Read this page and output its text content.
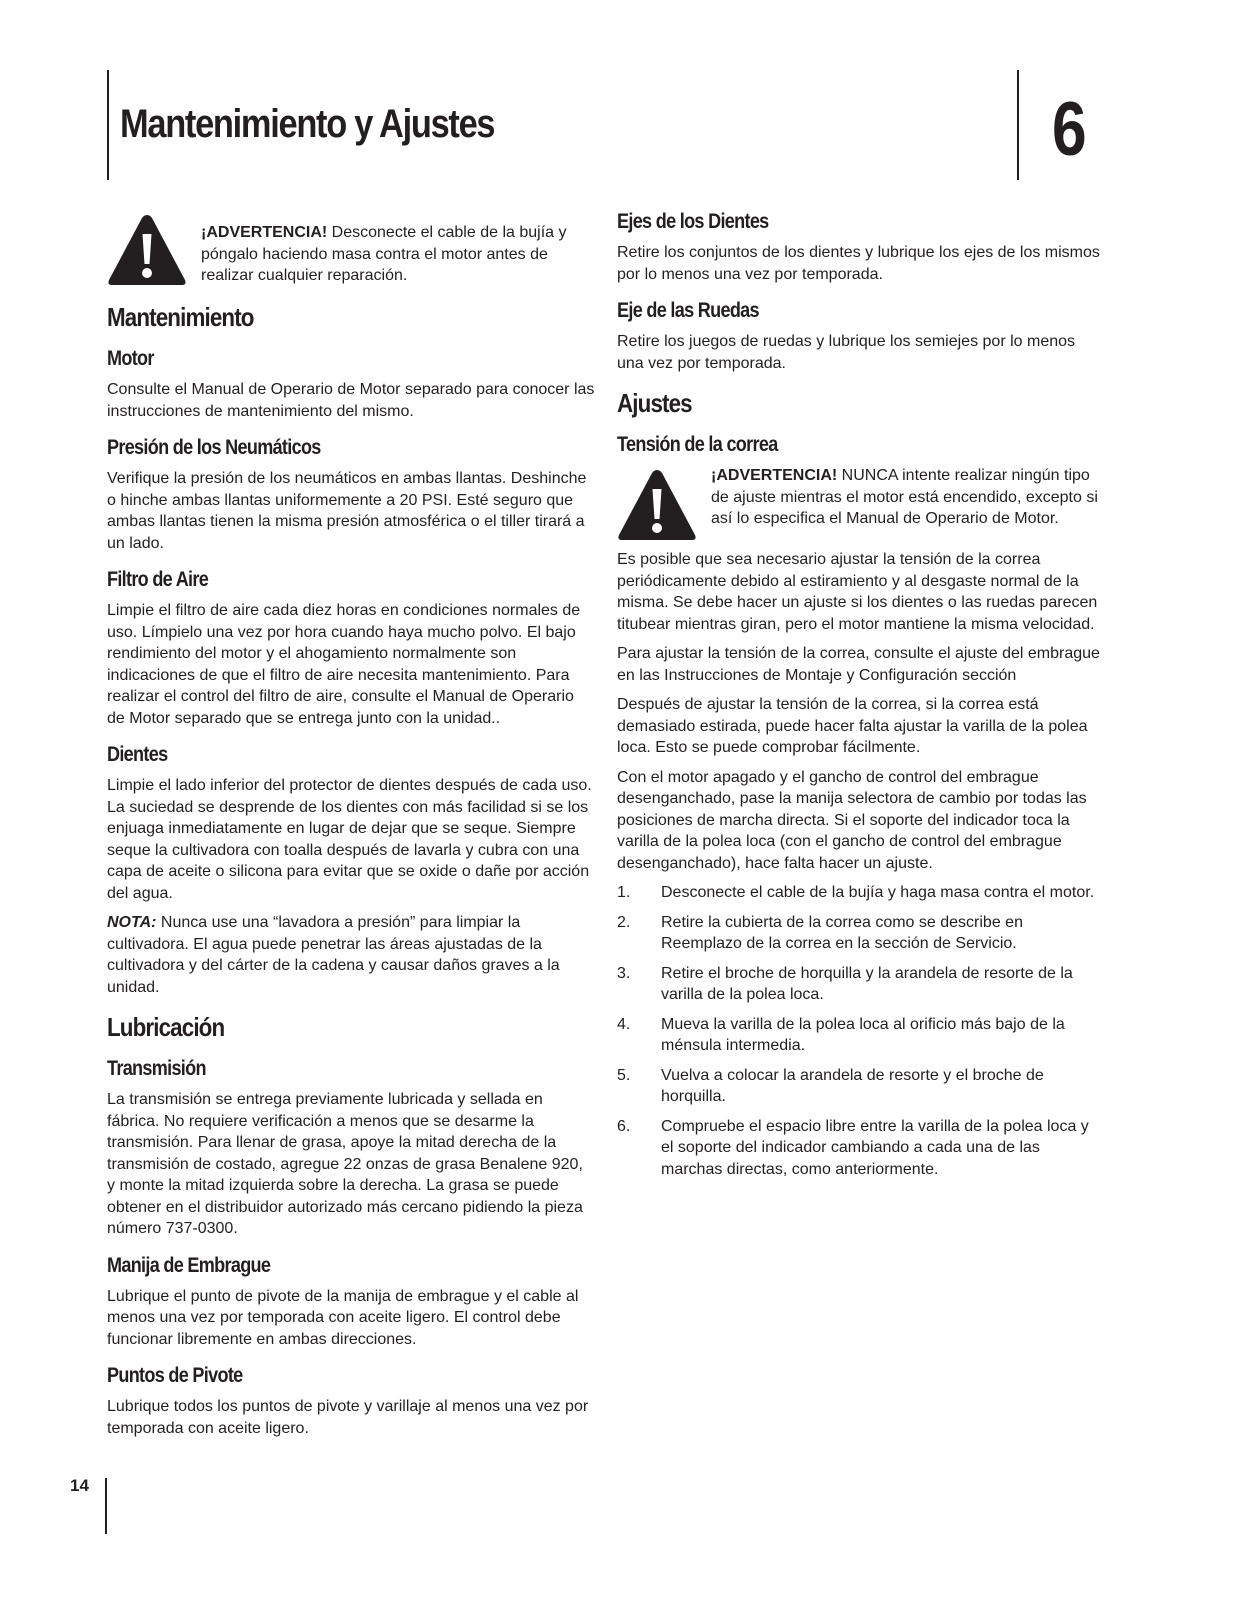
Mantenimiento y Ajustes	6

¡ADVERTENCIA! Desconecte el cable de la bujía y póngalo haciendo masa contra el motor antes de realizar cualquier reparación.

Mantenimiento
Motor

Consulte el Manual de Operario de Motor separado para conocer las instrucciones de mantenimiento del mismo.

Presión de los Neumáticos

Verifique la presión de los neumáticos en ambas llantas. Deshinche o hinche ambas llantas uniformemente a 20 PSI. Esté seguro que ambas llantas tienen la misma presión atmosférica o el tiller tirará a un lado.

Filtro de Aire

Limpie el filtro de aire cada diez horas en condiciones normales de uso. Límpielo una vez por hora cuando haya mucho polvo. El bajo rendimiento del motor y el ahogamiento normalmente son indicaciones de que el filtro de aire necesita mantenimiento. Para realizar el control del filtro de aire, consulte el Manual de Operario de Motor separado que se entrega junto con la unidad..

Dientes

Limpie el lado inferior del protector de dientes después de cada uso. La suciedad se desprende de los dientes con más facilidad si se los enjuaga inmediatamente en lugar de dejar que se seque. Siempre seque la cultivadora con toalla después de lavarla y cubra con una capa de aceite o silicona para evitar que se oxide o dañe por acción del agua.

NOTA: Nunca use una “lavadora a presión” para limpiar la cultivadora. El agua puede penetrar las áreas ajustadas de la cultivadora y del cárter de la cadena y causar daños graves a la unidad.

Lubricación
Transmisión

La transmisión se entrega previamente lubricada y sellada en fábrica. No requiere verificación a menos que se desarme la transmisión. Para llenar de grasa, apoye la mitad derecha de la transmisión de costado, agregue 22 onzas de grasa Benalene 920, y monte la mitad izquierda sobre la derecha. La grasa se puede obtener en el distribuidor autorizado más cercano pidiendo la pieza número 737-0300.

Manija de Embrague

Lubrique el punto de pivote de la manija de embrague y el cable al menos una vez por temporada con aceite ligero. El control debe funcionar libremente en ambas direcciones.

Puntos de Pivote

Lubrique todos los puntos de pivote y varillaje al menos una vez por temporada con aceite ligero.

Ejes de los Dientes

Retire los conjuntos de los dientes y lubrique los ejes de los mismos por lo menos una vez por temporada.

Eje de las Ruedas

Retire los juegos de ruedas y lubrique los semiejes por lo menos una vez por temporada.

Ajustes
Tensión de la correa

¡ADVERTENCIA! NUNCA intente realizar ningún tipo de ajuste mientras el motor está encendido, excepto si así lo especifica el Manual de Operario de Motor.

Es posible que sea necesario ajustar la tensión de la correa periódicamente debido al estiramiento y al desgaste normal de la misma. Se debe hacer un ajuste si los dientes o las ruedas parecen titubear mientras giran, pero el motor mantiene la misma velocidad.

Para ajustar la tensión de la correa, consulte el ajuste del embrague en las Instrucciones de Montaje y Configuración sección

Después de ajustar la tensión de la correa, si la correa está demasiado estirada, puede hacer falta ajustar la varilla de la polea loca. Esto se puede comprobar fácilmente.

Con el motor apagado y el gancho de control del embrague desenganchado, pase la manija selectora de cambio por todas las posiciones de marcha directa. Si el soporte del indicador toca la varilla de la polea loca (con el gancho de control del embrague desenganchado), hace falta hacer un ajuste.

1.	Desconecte el cable de la bujía y haga masa contra el motor.
2.	Retire la cubierta de la correa como se describe en Reemplazo de la correa en la sección de Servicio.
3.	Retire el broche de horquilla y la arandela de resorte de la varilla de la polea loca.
4.	Mueva la varilla de la polea loca al orificio más bajo de la ménsula intermedia.
5.	Vuelva a colocar la arandela de resorte y el broche de horquilla.
6.	Compruebe el espacio libre entre la varilla de la polea loca y el soporte del indicador cambiando a cada una de las marchas directas, como anteriormente.
14
